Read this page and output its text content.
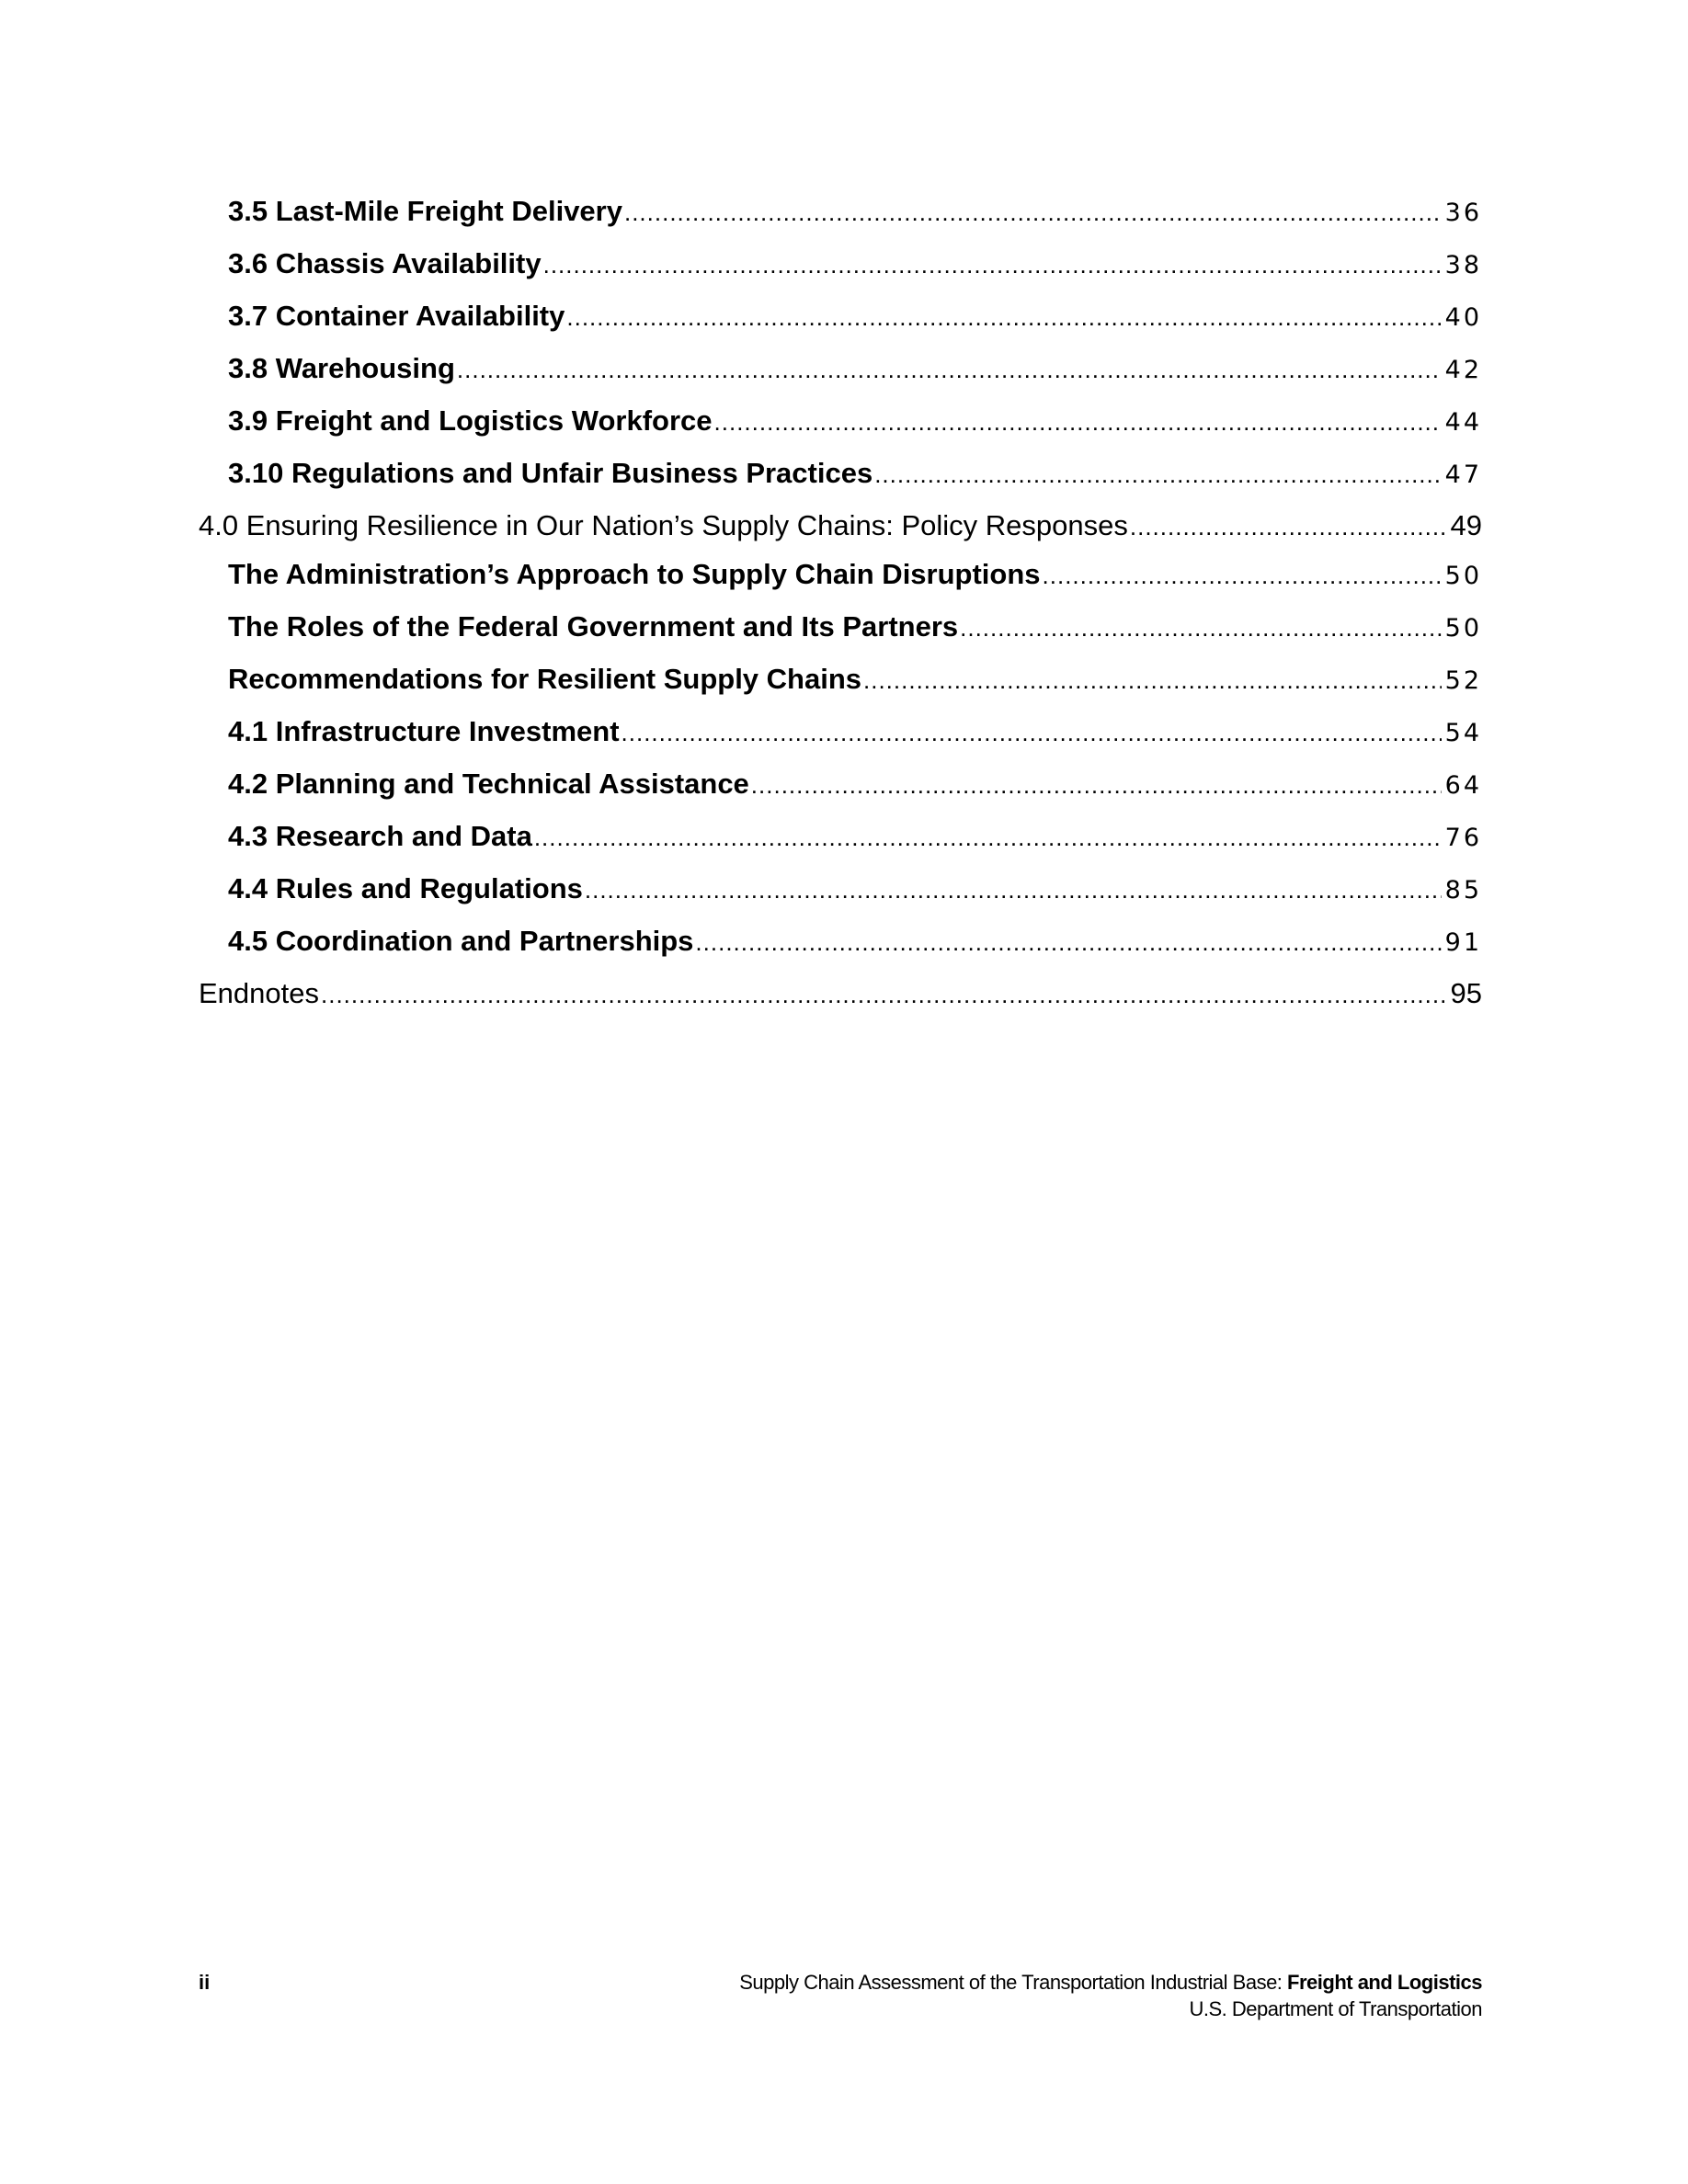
3.5 Last-Mile Freight Delivery .....	36
3.6 Chassis Availability .....	38
3.7 Container Availability .....	40
3.8 Warehousing .....	42
3.9 Freight and Logistics Workforce .....	44
3.10 Regulations and Unfair Business Practices .....	47
4.0 Ensuring Resilience in Our Nation’s Supply Chains: Policy Responses .....	49
The Administration’s Approach to Supply Chain Disruptions .....	50
The Roles of the Federal Government and Its Partners .....	50
Recommendations for Resilient Supply Chains .....	52
4.1 Infrastructure Investment .....	54
4.2 Planning and Technical Assistance .....	64
4.3 Research and Data .....	76
4.4 Rules and Regulations .....	85
4.5 Coordination and Partnerships .....	91
Endnotes .....	95
ii	Supply Chain Assessment of the Transportation Industrial Base: Freight and Logistics
U.S. Department of Transportation
